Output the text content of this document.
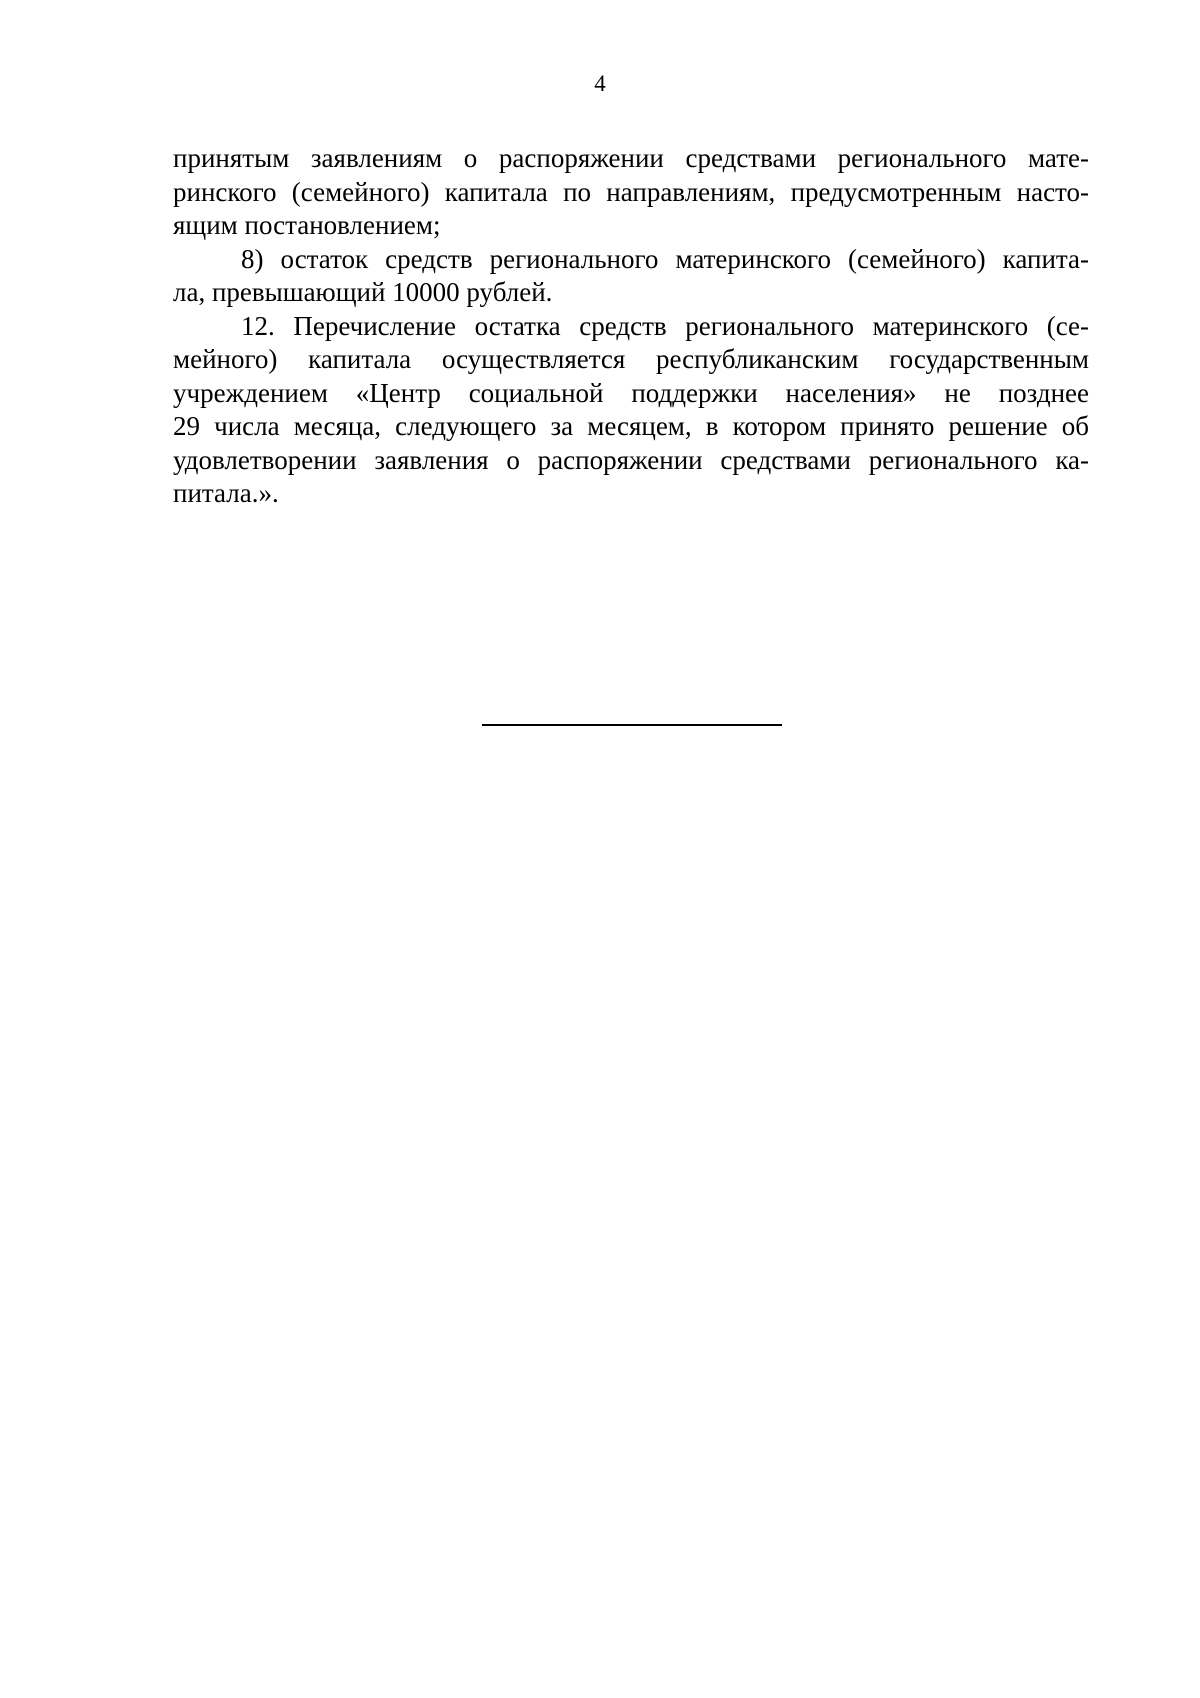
4
принятым заявлениям о распоряжении средствами регионального мате-
ринского (семейного) капитала по направлениям, предусмотренным насто-
ящим постановлением;
8) остаток средств регионального материнского (семейного) капита-
ла, превышающий 10000 рублей.
12. Перечисление остатка средств регионального материнского (се-
мейного) капитала осуществляется республиканским государственным
учреждением «Центр социальной поддержки населения» не позднее
29 числа месяца, следующего за месяцем, в котором принято решение об
удовлетворении заявления о распоряжении средствами регионального ка-
питала.».
